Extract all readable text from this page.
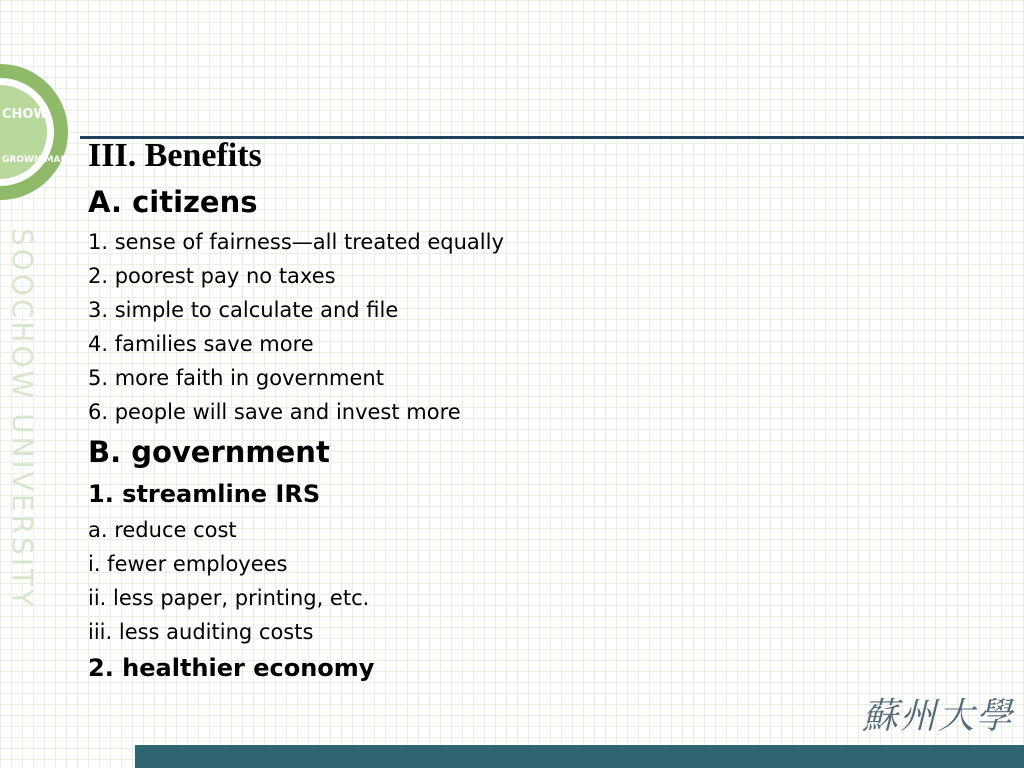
CHOW
GROWN MAN
SOOCHOW UNIVERSITY
III. Benefits
A. citizens
1. sense of fairness—all treated equally
2. poorest pay no taxes
3. simple to calculate and file
4. families save more
5. more faith in government
6. people will save and invest more
B. government
1. streamline IRS
a. reduce cost
i. fewer employees
ii. less paper, printing, etc.
iii. less auditing costs
2. healthier economy
蘇州大學
